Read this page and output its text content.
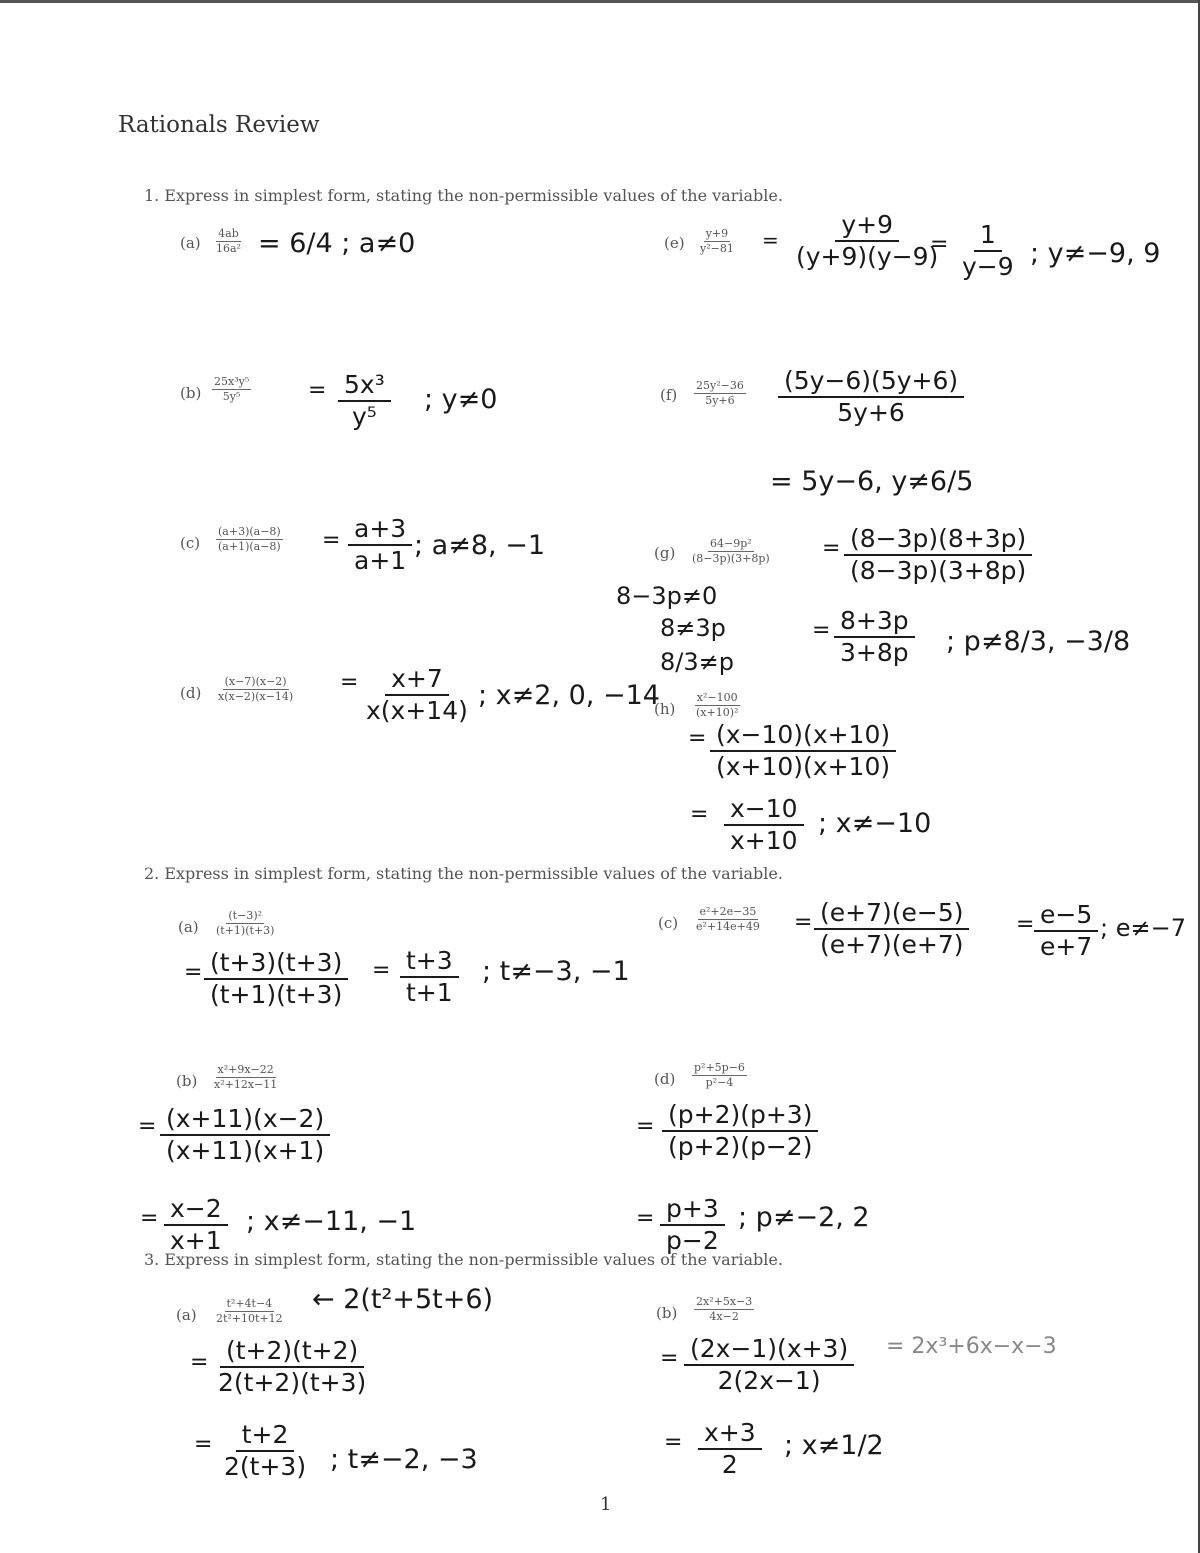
Rationals Review
1. Express in simplest form, stating the non-permissible values of the variable.
$(a) \frac{4ab}{\text{16a²}} = 6/4$ ; a≠0
$(b) \frac{\text{25x³y⁵}}{\text{5y⁵}}$	= $\frac{\text{5x³}}{\text{y⁵}}$ ; y≠0
$(c) \frac{(a+3)(a-8)}{(a+1)(a-8)} = \frac{a+3}{a+1}$ ; a≠8, −1
$(d) \frac{(x-7)(x-2)}{x(x-2)(x-14)} = \frac{x+7}{x(x+14)}$ ; x≠2, 0, −14
$(e) \frac{y+9}{\text{y²−81}} = \frac{y+9}{(y+9)(y-9)}$
= $\frac{1}{y-9}$ ; y≠−9, 9
$(f) \frac{\text{25y²−36}}{5y+6} \frac{(5y-6)(5y+6)}{5y+6}$
= 5y−6, y≠6/5
$(g) \frac{\text{64−9p²}}{(8-3p)(3+8p)} = \frac{(8-3p)(8+3p)}{(8-3p)(3+8p)}$
= $\frac{8+3p}{3+8p}$ ; p≠8/3, −3/8
8−3p≠0
8≠3p
8/3≠p
$(h) \frac{\text{x²−100}}{\text{(x+10)²}}$
= $\frac{(x-10)(x+10)}{(x+10)(x+10)}$
= $\frac{x-10}{x+10}$ ; x≠−10
2. Express in simplest form, stating the non-permissible values of the variable.
$(a) \frac{\text{(t−3)²}}{(t+1)(t+3)}$
= $\frac{(t+3)(t+3)}{(t+1)(t+3)} = \frac{t+3}{t+1}$ ; t≠−3, −1
$(b) \frac{\text{x²+9x−22}}{\text{x²+12x−11}}$
= $\frac{(x+11)(x-2)}{(x+11)(x+1)}$
= $\frac{x-2}{x+1}$ ; x≠−11, −1
$(c) \frac{\text{e²+2e−35}}{\text{e²+14e+49}} = \frac{(e+7)(e-5)}{(e+7)(e+7)} = \frac{e-5}{e+7}$ ; e≠−7
$(d) \frac{\text{p²+5p−6}}{\text{p²−4}}$
= $\frac{(p+2)(p+3)}{(p+2)(p-2)}$
= $\frac{p+3}{p-2}$ ; p≠−2, 2
3. Express in simplest form, stating the non-permissible values of the variable.
$(a) \frac{\text{t²+4t−4}}{\text{2t²+10t+12}}$ ← 2(t²+5t+6)
= $\frac{(t+2)(t+2)}{2(t+2)(t+3)}$
= $\frac{t+2}{2(t+3)}$ ; t≠−2, −3
$(b) \frac{\text{2x²+5x−3}}{4x-2}$
= 2x³+6x−x−3
= $\frac{(2x-1)(x+3)}{2(2x-1)}$
= $\frac{x+3}{2}$ ; x≠1/2
1
